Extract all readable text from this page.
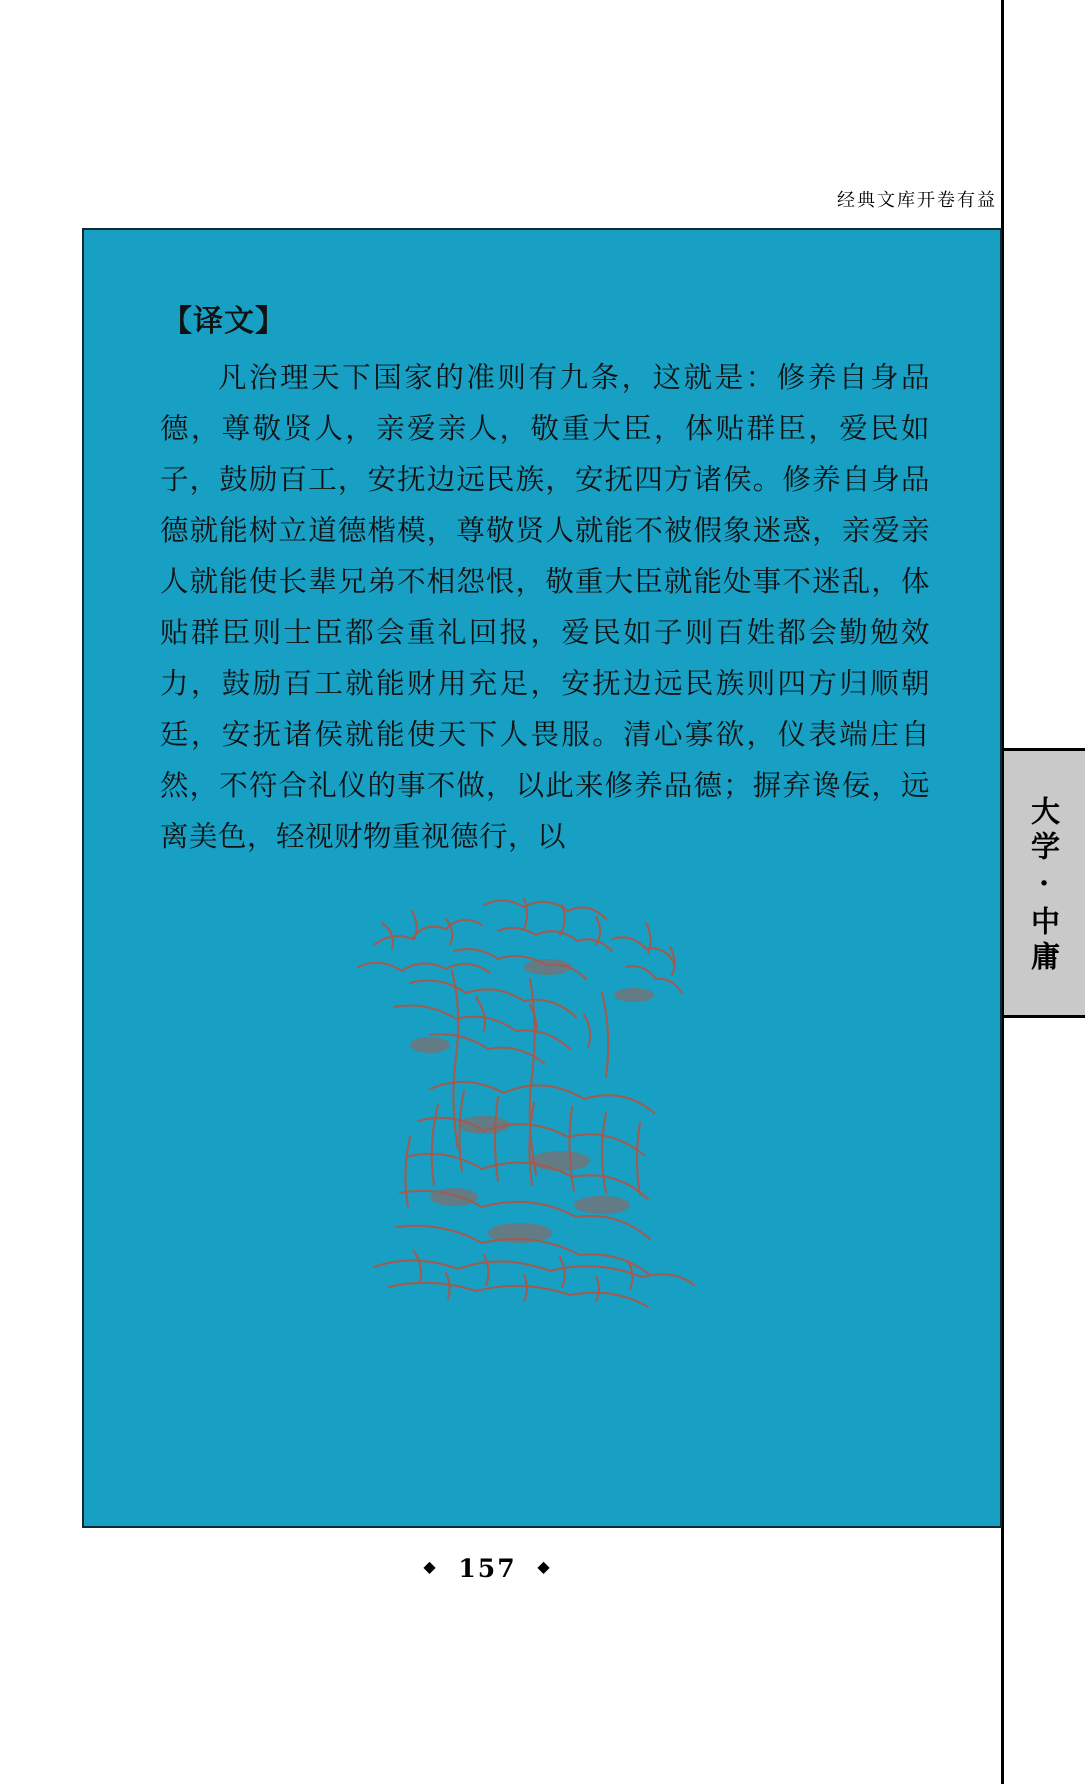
经典文库开卷有益
【译文】
凡治理天下国家的准则有九条，这就是：修养自身品德，尊敬贤人，亲爱亲人，敬重大臣，体贴群臣，爱民如子，鼓励百工，安抚边远民族，安抚四方诸侯。修养自身品德就能树立道德楷模，尊敬贤人就能不被假象迷惑，亲爱亲人就能使长辈兄弟不相怨恨，敬重大臣就能处事不迷乱，体贴群臣则士臣都会重礼回报，爱民如子则百姓都会勤勉效力，鼓励百工就能财用充足，安抚边远民族则四方归顺朝廷，安抚诸侯就能使天下人畏服。清心寡欲，仪表端庄自然，不符合礼仪的事不做，以此来修养品德；摒弃谗佞，远离美色，轻视财物重视德行，以	大学·中庸
◆ 157 ◆
